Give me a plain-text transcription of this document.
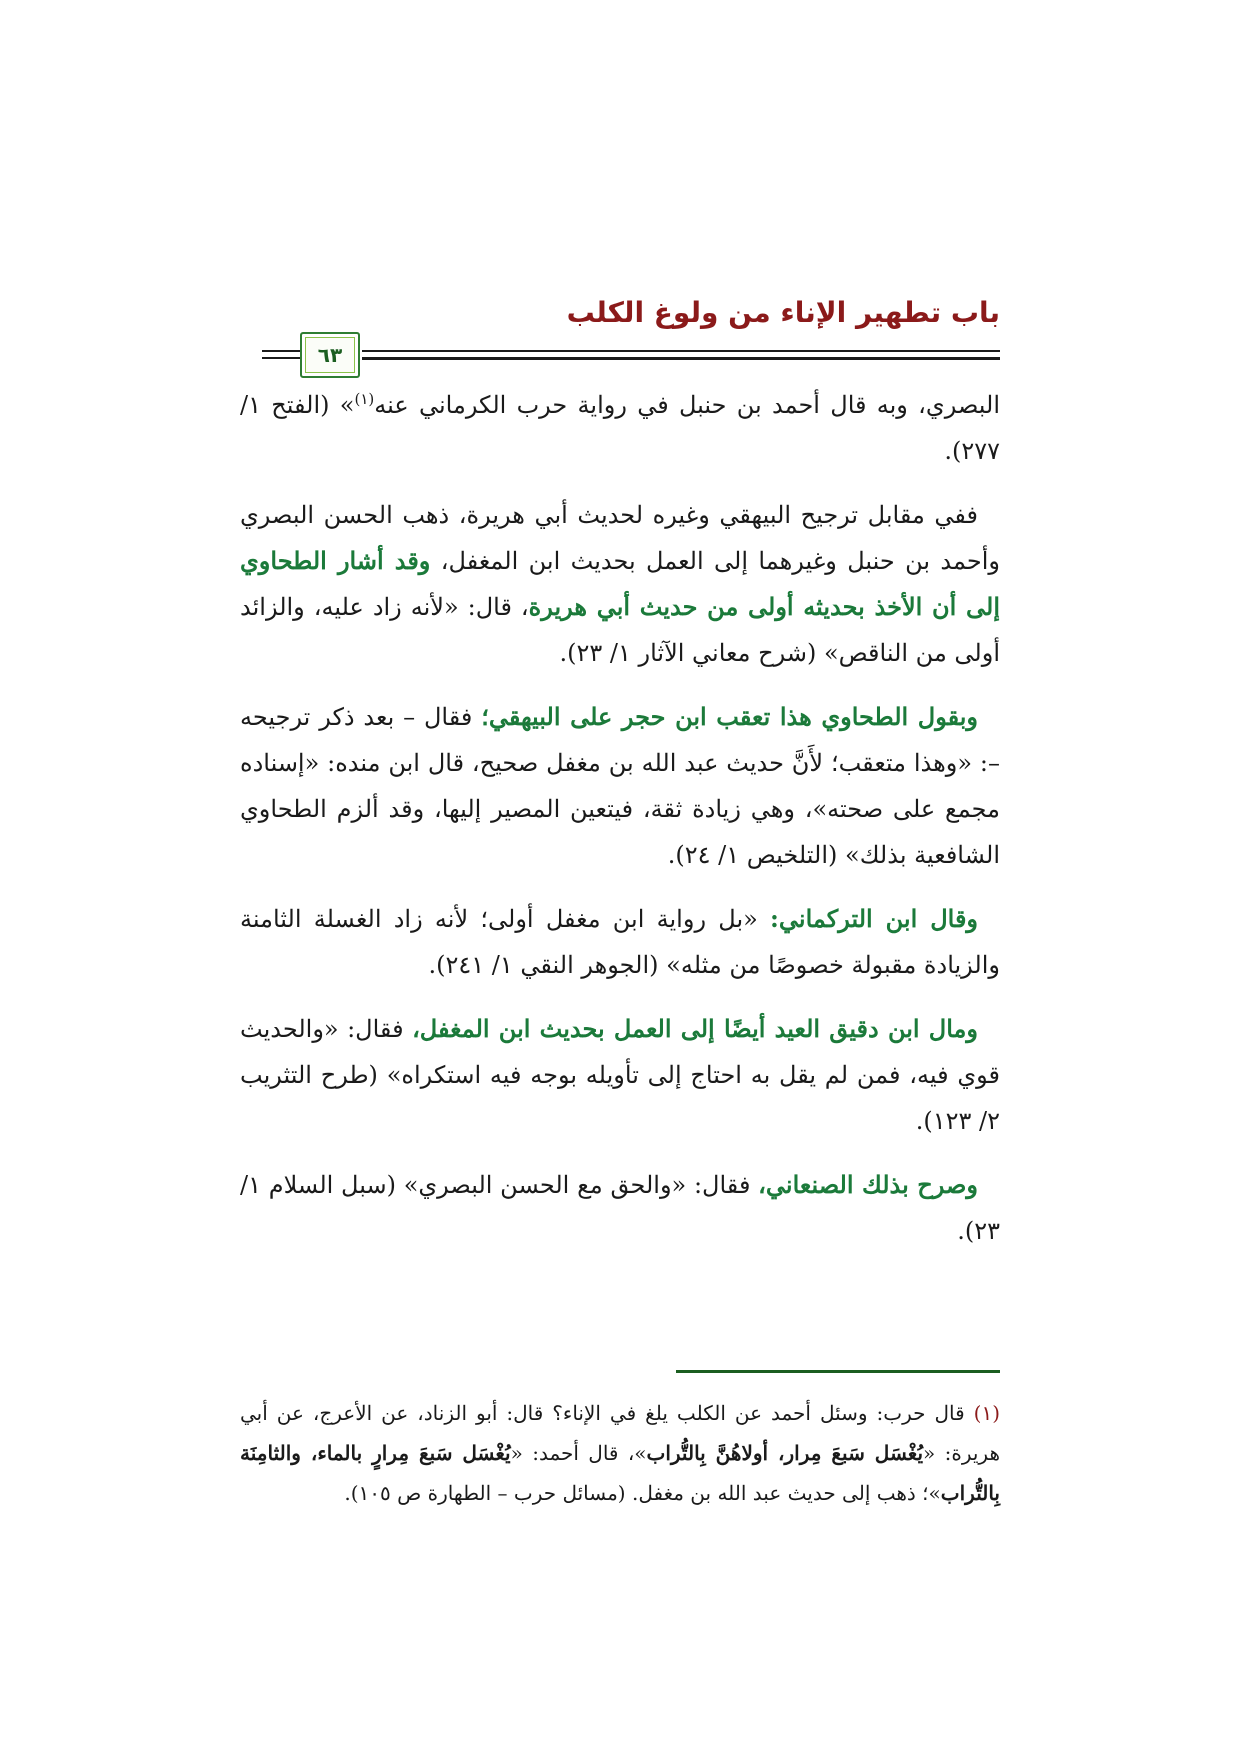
باب تطهير الإناء من ولوغ الكلب
٦٣

البصري، وبه قال أحمد بن حنبل في رواية حرب الكرماني عنه$^{(١)}$» (الفتح ١/ ٢٧٧).

ففي مقابل ترجيح البيهقي وغيره لحديث أبي هريرة، ذهب الحسن البصري وأحمد بن حنبل وغيرهما إلى العمل بحديث ابن المغفل، وقد أشار الطحاوي إلى أن الأخذ بحديثه أولى من حديث أبي هريرة، قال: «لأنه زاد عليه، والزائد أولى من الناقص» (شرح معاني الآثار ١/ ٢٣).

وبقول الطحاوي هذا تعقب ابن حجر على البيهقي؛ فقال – بعد ذكر ترجيحه –: «وهذا متعقب؛ لأَنَّ حديث عبد الله بن مغفل صحيح، قال ابن منده: «إسناده مجمع على صحته»، وهي زيادة ثقة، فيتعين المصير إليها، وقد ألزم الطحاوي الشافعية بذلك» (التلخيص ١/ ٢٤).

وقال ابن التركماني: «بل رواية ابن مغفل أولى؛ لأنه زاد الغسلة الثامنة والزيادة مقبولة خصوصًا من مثله» (الجوهر النقي ١/ ٢٤١).

ومال ابن دقيق العيد أيضًا إلى العمل بحديث ابن المغفل، فقال: «والحديث قوي فيه، فمن لم يقل به احتاج إلى تأويله بوجه فيه استكراه» (طرح التثريب ٢/ ١٢٣).

وصرح بذلك الصنعاني، فقال: «والحق مع الحسن البصري» (سبل السلام ١/ ٢٣).

(١) قال حرب: وسئل أحمد عن الكلب يلغ في الإناء؟ قال: أبو الزناد، عن الأعرج، عن أبي هريرة: «يُغْسَل سَبعَ مِرار، أولاهُنَّ بِالتُّراب»، قال أحمد: «يُغْسَل سَبعَ مِرارٍ بالماء، والثامِنَة بِالتُّراب»؛ ذهب إلى حديث عبد الله بن مغفل. (مسائل حرب – الطهارة ص ١٠٥).
